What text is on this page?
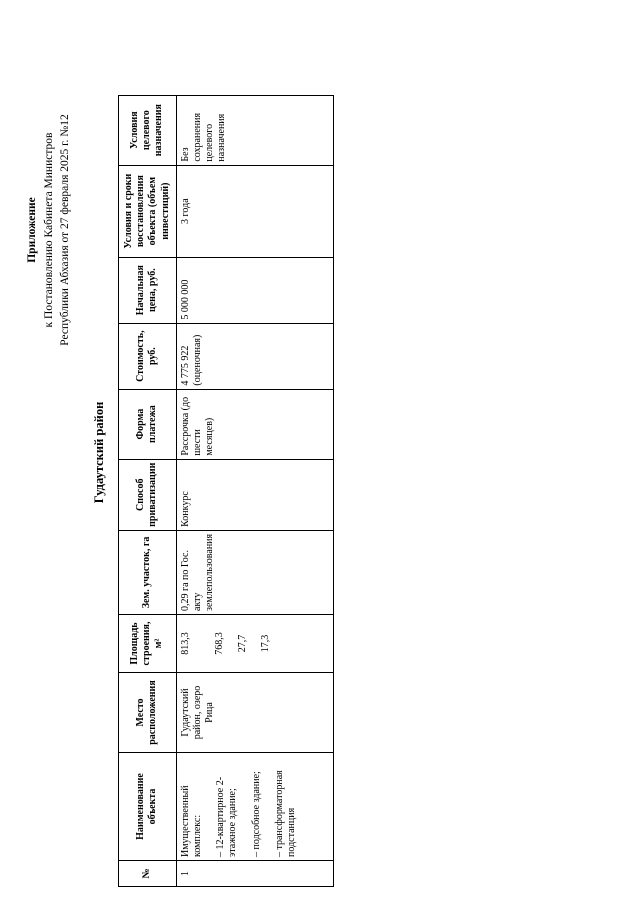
Приложение к Постановлению Кабинета Министров Республики Абхазия от 27 февраля 2025 г. №12
Гудаутский район
№	Наименование объекта	Место расположения	Площадь строения, м²	Зем. участок, га	Способ приватизации	Форма платежа	Стоимость, руб.	Начальная цена, руб.	Условия и сроки восстановления объекта (объем инвестиций)	Условия целевого назначения
1	Имущественный комплекс: – 12-квартирное 2-этажное здание; – подсобное здание; – трансформаторная подстанция	Гудаутский район, озеро Рица	813,3 768,3 27,7 17,3	0,29 га по Гос. акту землепользования	Конкурс	Рассрочка (до шести месяцев)	4 775 922 (оценочная)	5 000 000	3 года	Без сохранения целевого назначения
